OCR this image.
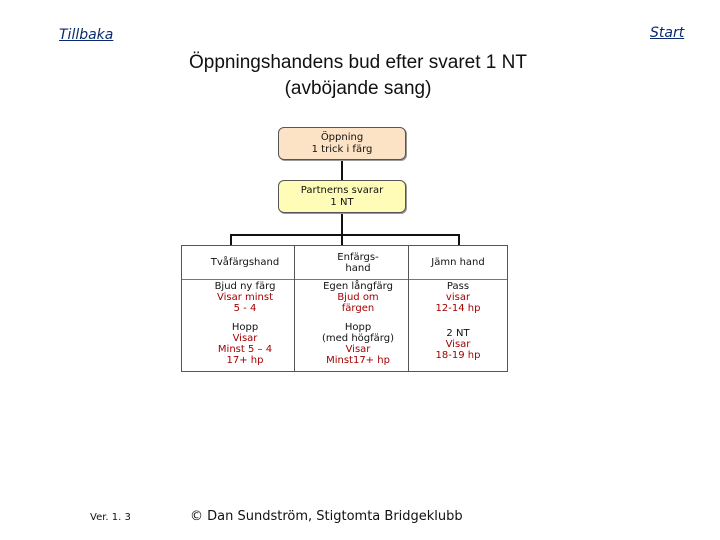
Tillbaka	Start
Öppningshandens bud efter svaret 1 NT
(avböjande sang)
Öppning
1 trick i färg
Partnerns svarar
1 NT
Tvåfärgshand
Bjud ny färg
Visar minst
5 - 4
Hopp
Visar
Minst 5 – 4
17+ hp
Enfärgs-
hand
Egen långfärg
Bjud om
färgen
Hopp
(med högfärg)
Visar
Minst17+ hp
Jämn hand
Pass
visar
12-14 hp
2 NT
Visar
18-19 hp
Ver. 1. 3	© Dan Sundström, Stigtomta Bridgeklubb
